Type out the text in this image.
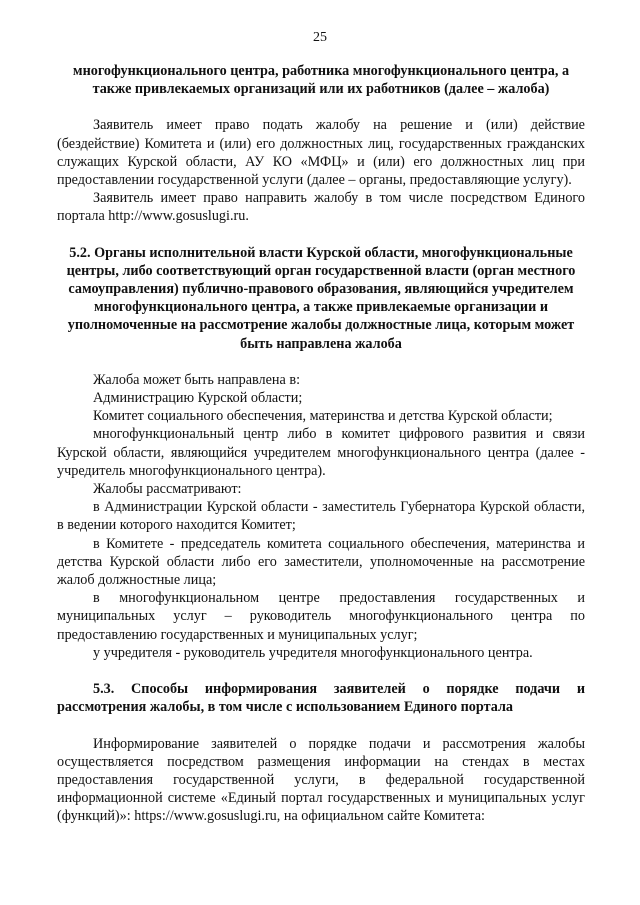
25

многофункционального центра, работника многофункционального центра, а также привлекаемых организаций или их работников (далее – жалоба)

Заявитель имеет право подать жалобу на решение и (или) действие (бездействие) Комитета и (или) его должностных лиц, государственных гражданских служащих Курской области, АУ КО «МФЦ» и (или) его должностных лиц при предоставлении государственной услуги (далее – органы, предоставляющие услугу).

Заявитель имеет право направить жалобу в том числе посредством Единого портала http://www.gosuslugi.ru.

5.2. Органы исполнительной власти Курской области, многофункциональные центры, либо соответствующий орган государственной власти (орган местного самоуправления) публично-правового образования, являющийся учредителем многофункционального центра, а также привлекаемые организации и уполномоченные на рассмотрение жалобы должностные лица, которым может быть направлена жалоба

Жалоба может быть направлена в:

Администрацию Курской области;

Комитет социального обеспечения, материнства и детства Курской области;

многофункциональный центр либо в комитет цифрового развития и связи Курской области, являющийся учредителем многофункционального центра (далее - учредитель многофункционального центра).

Жалобы рассматривают:

в Администрации Курской области - заместитель Губернатора Курской области, в ведении которого находится Комитет;

в Комитете - председатель комитета социального обеспечения, материнства и детства Курской области либо его заместители, уполномоченные на рассмотрение жалоб должностные лица;

в многофункциональном центре предоставления государственных и муниципальных услуг – руководитель многофункционального центра по предоставлению государственных и муниципальных услуг;

у учредителя - руководитель учредителя многофункционального центра.

5.3. Способы информирования заявителей о порядке подачи и рассмотрения жалобы, в том числе с использованием Единого портала

Информирование заявителей о порядке подачи и рассмотрения жалобы осуществляется посредством размещения информации на стендах в местах предоставления государственной услуги, в федеральной государственной информационной системе «Единый портал государственных и муниципальных услуг (функций)»: https://www.gosuslugi.ru, на официальном сайте Комитета:
